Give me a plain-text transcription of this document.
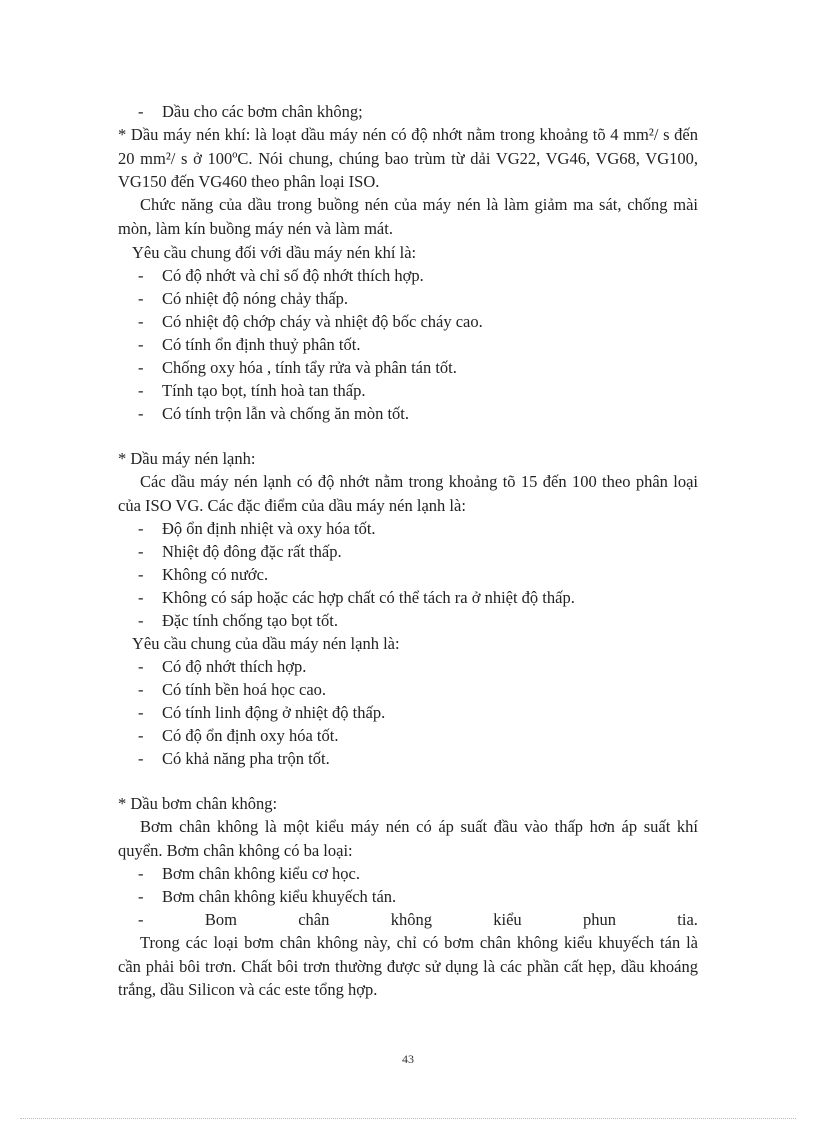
- Dầu cho các bơm chân không;
* Dầu máy nén khí: là loạt dầu máy nén có độ nhớt nằm trong khoảng tõ 4 mm²/ s đến 20 mm²/ s ở 100ºC. Nói chung, chúng bao trùm từ dải VG22, VG46, VG68, VG100, VG150 đến VG460 theo phân loại ISO.
Chức năng của dầu trong buồng nén của máy nén là làm giảm ma sát, chống mài mòn, làm kín buồng máy nén và làm mát.
Yêu cầu chung đối với dầu máy nén khí là:
- Có độ nhớt và chỉ số độ nhớt thích hợp.
- Có nhiệt độ nóng chảy thấp.
- Có nhiệt độ chớp cháy và nhiệt độ bốc cháy cao.
- Có tính ổn định thuỷ phân tốt.
- Chống oxy hóa , tính tẩy rửa và phân tán tốt.
- Tính tạo bọt, tính hoà tan thấp.
- Có tính trộn lẫn và chống ăn mòn tốt.
* Dầu máy nén lạnh:
Các dầu máy nén lạnh có độ nhớt nằm trong khoảng tõ 15 đến 100 theo phân loại của ISO VG. Các đặc điểm của dầu máy nén lạnh là:
- Độ ổn định nhiệt và oxy hóa tốt.
- Nhiệt độ đông đặc rất thấp.
- Không có nước.
- Không có sáp hoặc các hợp chất có thể tách ra ở nhiệt độ thấp.
- Đặc tính chống tạo bọt tốt.
Yêu cầu chung của dầu máy nén lạnh là:
- Có độ nhớt thích hợp.
- Có tính bền hoá học cao.
- Có tính linh động ở nhiệt độ thấp.
- Có độ ổn định oxy hóa tốt.
- Có khả năng pha trộn tốt.
* Dầu bơm chân không:
Bơm chân không là một kiểu máy nén có áp suất đầu vào thấp hơn áp suất khí quyển. Bơm chân không có ba loại:
- Bơm chân không kiểu cơ học.
- Bơm chân không kiểu khuyếch tán.
-	Bom	chân	không	kiểu	phun	tia.
Trong các loại bơm chân không này, chỉ có bơm chân không kiểu khuyếch tán là cần phải bôi trơn. Chất bôi trơn thường được sử dụng là các phần cất hẹp, dầu khoáng trắng, dầu Silicon và các este tổng hợp.
43
